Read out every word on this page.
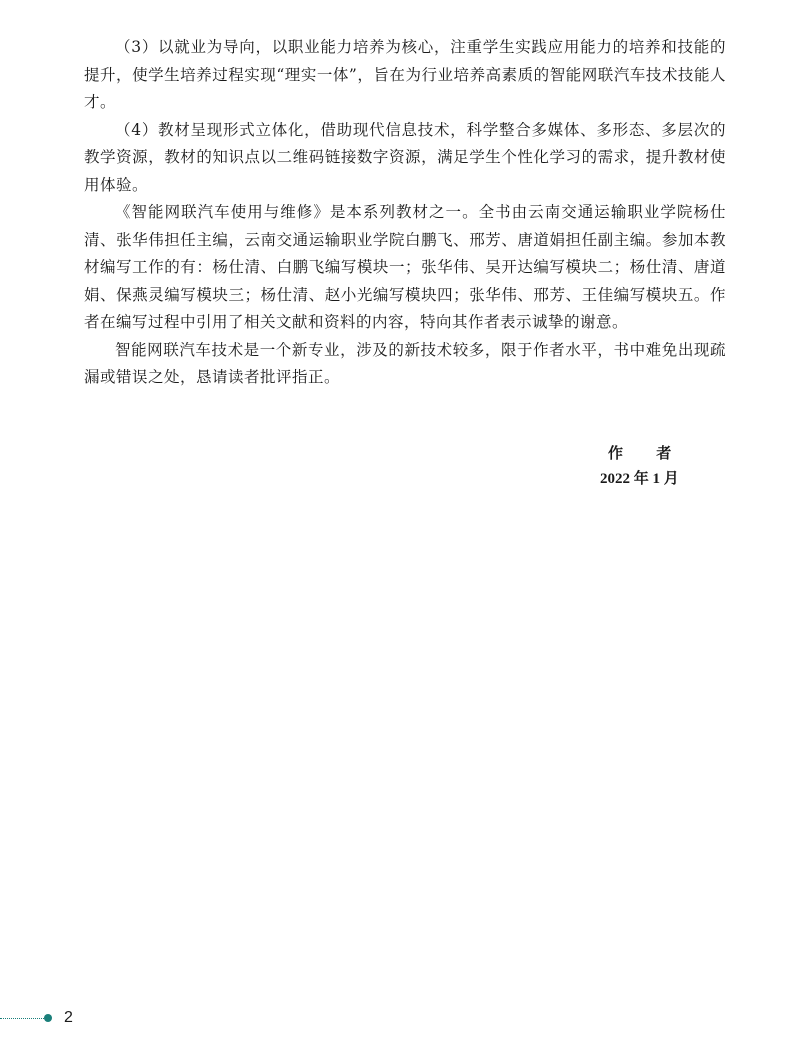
（3）以就业为导向，以职业能力培养为核心，注重学生实践应用能力的培养和技能的提升，使学生培养过程实现“理实一体”，旨在为行业培养高素质的智能网联汽车技术技能人才。

（4）教材呈现形式立体化，借助现代信息技术，科学整合多媒体、多形态、多层次的教学资源，教材的知识点以二维码链接数字资源，满足学生个性化学习的需求，提升教材使用体验。

《智能网联汽车使用与维修》是本系列教材之一。全书由云南交通运输职业学院杨仕清、张华伟担任主编，云南交通运输职业学院白鹏飞、邢芳、唐道娟担任副主编。参加本教材编写工作的有：杨仕清、白鹏飞编写模块一；张华伟、吴开达编写模块二；杨仕清、唐道娟、保燕灵编写模块三；杨仕清、赵小光编写模块四；张华伟、邢芳、王佳编写模块五。作者在编写过程中引用了相关文献和资料的内容，特向其作者表示诚挚的谢意。

智能网联汽车技术是一个新专业，涉及的新技术较多，限于作者水平，书中难免出现疏漏或错误之处，恳请读者批评指正。

作 者
2022 年 1 月
2
